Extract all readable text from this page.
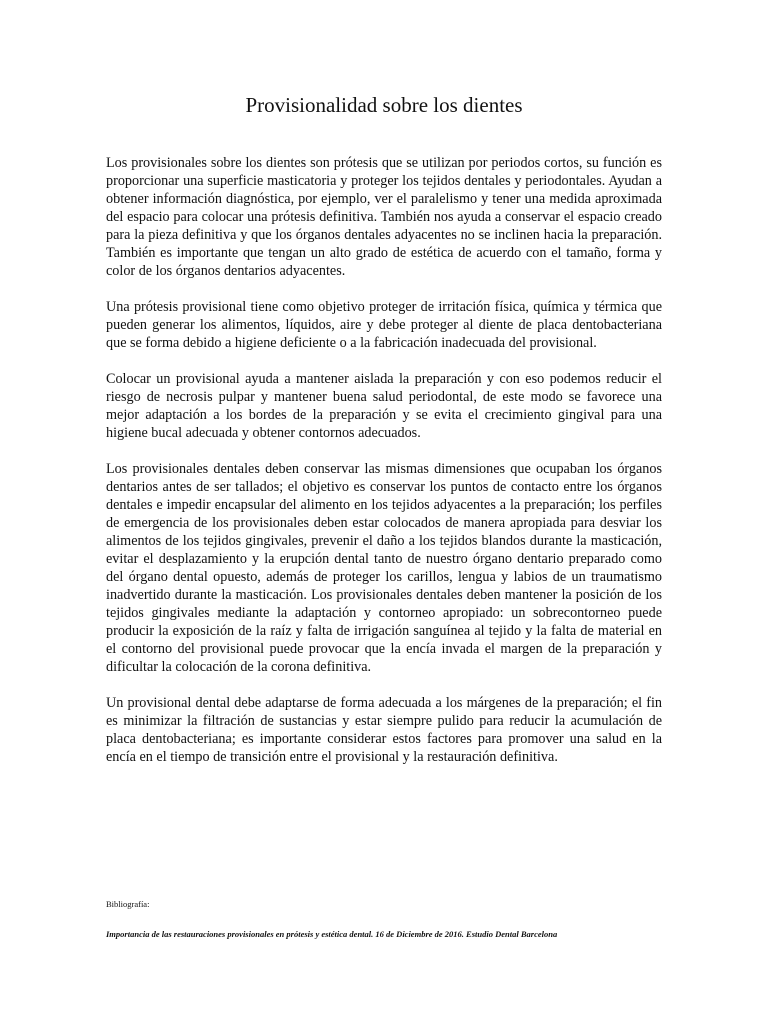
Provisionalidad sobre los dientes

Los provisionales sobre los dientes son prótesis que se utilizan por periodos cortos, su función es proporcionar una superficie masticatoria y proteger los tejidos dentales y periodontales. Ayudan a obtener información diagnóstica, por ejemplo, ver el paralelismo y tener una medida aproximada del espacio para colocar una prótesis definitiva. También nos ayuda a conservar el espacio creado para la pieza definitiva y que los órganos dentales adyacentes no se inclinen hacia la preparación. También es importante que tengan un alto grado de estética de acuerdo con el tamaño, forma y color de los órganos dentarios adyacentes.

Una prótesis provisional tiene como objetivo proteger de irritación física, química y térmica que pueden generar los alimentos, líquidos, aire y debe proteger al diente de placa dentobacteriana que se forma debido a higiene deficiente o a la fabricación inadecuada del provisional.

Colocar un provisional ayuda a mantener aislada la preparación y con eso podemos reducir el riesgo de necrosis pulpar y mantener buena salud periodontal, de este modo se favorece una mejor adaptación a los bordes de la preparación y se evita el crecimiento gingival para una higiene bucal adecuada y obtener contornos adecuados.

Los provisionales dentales deben conservar las mismas dimensiones que ocupaban los órganos dentarios antes de ser tallados; el objetivo es conservar los puntos de contacto entre los órganos dentales e impedir encapsular del alimento en los tejidos adyacentes a la preparación; los perfiles de emergencia de los provisionales deben estar colocados de manera apropiada para desviar los alimentos de los tejidos gingivales, prevenir el daño a los tejidos blandos durante la masticación, evitar el desplazamiento y la erupción dental tanto de nuestro órgano dentario preparado como del órgano dental opuesto, además de proteger los carillos, lengua y labios de un traumatismo inadvertido durante la masticación. Los provisionales dentales deben mantener la posición de los tejidos gingivales mediante la adaptación y contorneo apropiado: un sobrecontorneo puede producir la exposición de la raíz y falta de irrigación sanguínea al tejido y la falta de material en el contorno del provisional puede provocar que la encía invada el margen de la preparación y dificultar la colocación de la corona definitiva.

Un provisional dental debe adaptarse de forma adecuada a los márgenes de la preparación; el fin es minimizar la filtración de sustancias y estar siempre pulido para reducir la acumulación de placa dentobacteriana; es importante considerar estos factores para promover una salud en la encía en el tiempo de transición entre el provisional y la restauración definitiva.

Bibliografía:

Importancia de las restauraciones provisionales en prótesis y estética dental. 16 de Diciembre de 2016. Estudio Dental Barcelona
